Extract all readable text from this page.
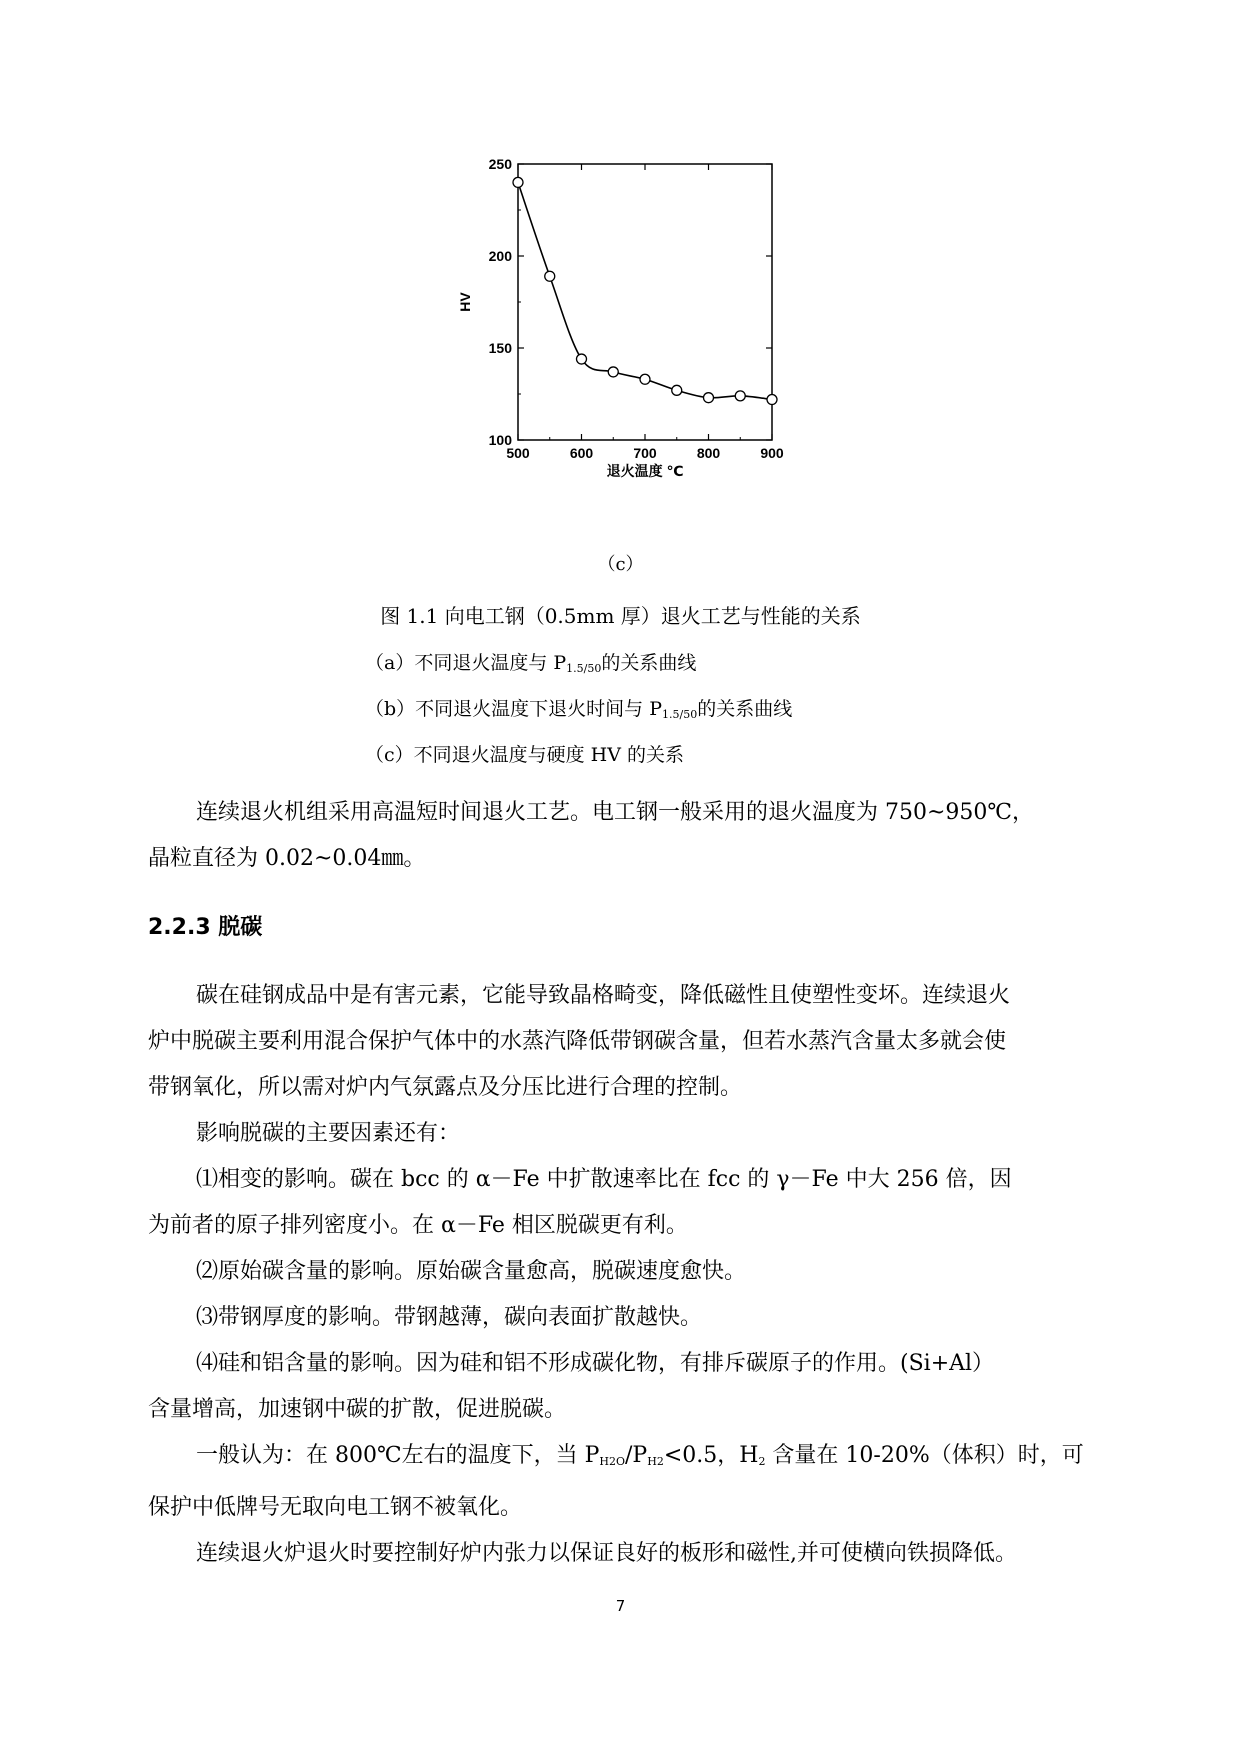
500	600	700	800	900
100
150
200
250
退火温度 ℃
HV
（c）
图 1.1 向电工钢（0.5mm 厚）退火工艺与性能的关系
（a）不同退火温度与 $P_{1.5/50}$的关系曲线
（b）不同退火温度下退火时间与 $P_{1.5/50}$的关系曲线
（c）不同退火温度与硬度 HV 的关系
连续退火机组采用高温短时间退火工艺。电工钢一般采用的退火温度为 750~950℃，
晶粒直径为 0.02~0.04㎜。
2.2.3 脱碳
碳在硅钢成品中是有害元素，它能导致晶格畸变，降低磁性且使塑性变坏。连续退火
炉中脱碳主要利用混合保护气体中的水蒸汽降低带钢碳含量，但若水蒸汽含量太多就会使
带钢氧化，所以需对炉内气氛露点及分压比进行合理的控制。
影响脱碳的主要因素还有：
⑴相变的影响。碳在 bcc 的 α－Fe 中扩散速率比在 fcc 的 γ－Fe 中大 256 倍，因
为前者的原子排列密度小。在 α－Fe 相区脱碳更有利。
⑵原始碳含量的影响。原始碳含量愈高，脱碳速度愈快。
⑶带钢厚度的影响。带钢越薄，碳向表面扩散越快。
⑷硅和铝含量的影响。因为硅和铝不形成碳化物，有排斥碳原子的作用。(Si+Al）
含量增高，加速钢中碳的扩散，促进脱碳。
一般认为：在 800℃左右的温度下，当 $P_{H2O}/P_{H2}<0.5$，$H_2$ 含量在 10-20%（体积）时，可
保护中低牌号无取向电工钢不被氧化。
连续退火炉退火时要控制好炉内张力以保证良好的板形和磁性,并可使横向铁损降低。
7
